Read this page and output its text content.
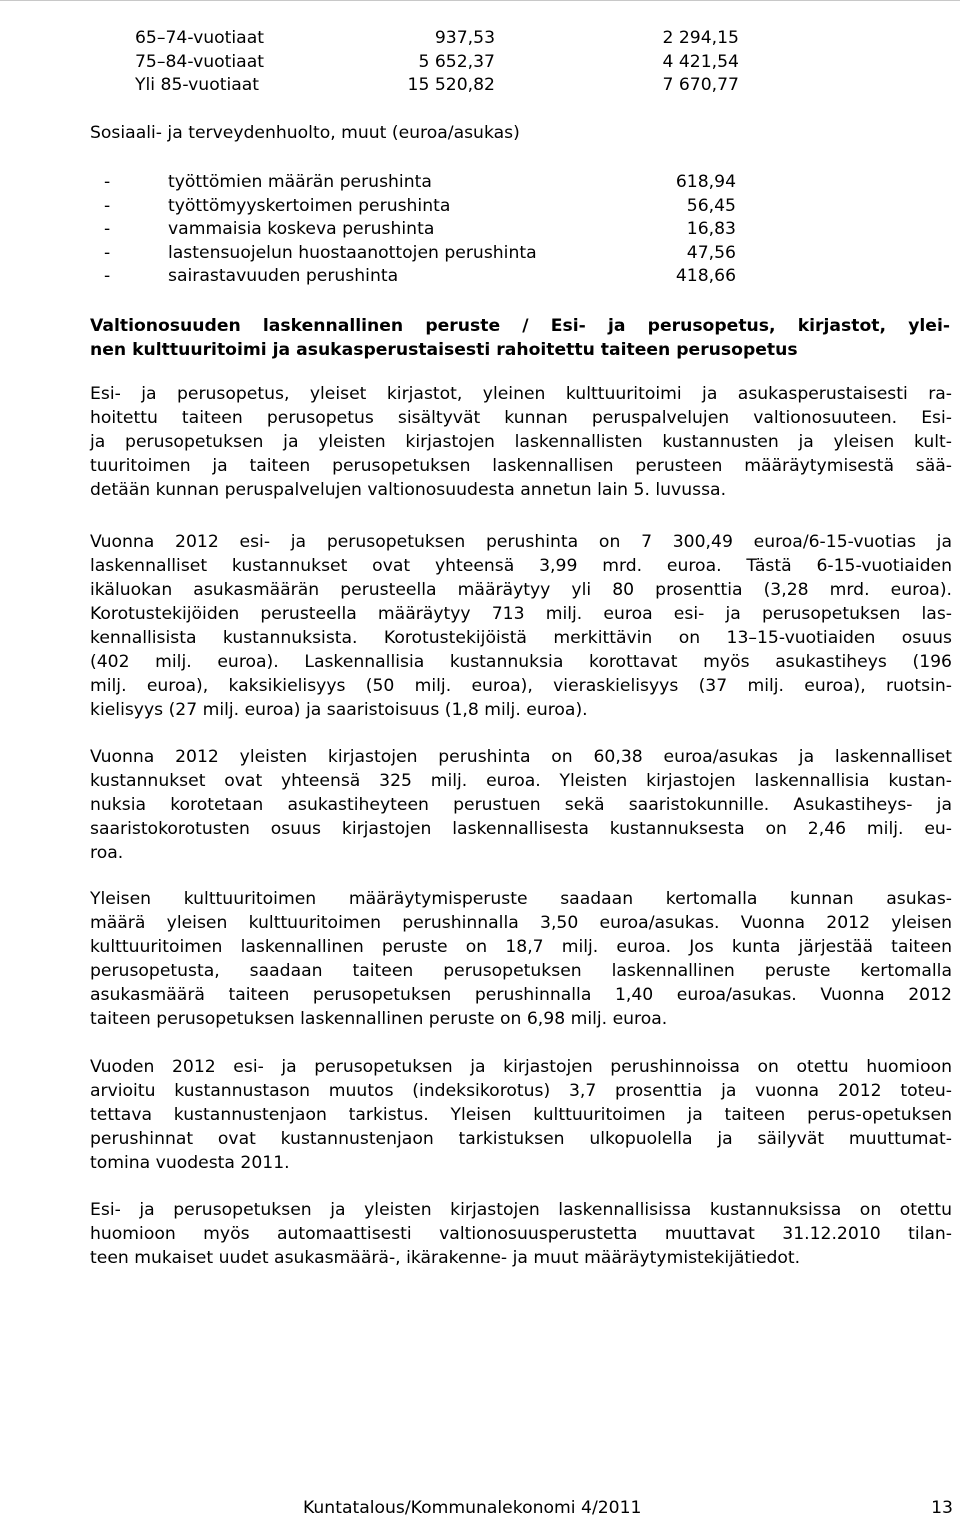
65–74-vuotiaat	937,53	2 294,15
75–84-vuotiaat	5 652,37	4 421,54
Yli 85-vuotiaat	15 520,82	7 670,77
Sosiaali- ja terveydenhuolto, muut (euroa/asukas)
-	työttömien määrän perushinta	618,94
-	työttömyyskertoimen perushinta	56,45
-	vammaisia koskeva perushinta	16,83
-	lastensuojelun huostaanottojen perushinta	47,56
-	sairastavuuden perushinta	418,66
Valtionosuuden laskennallinen peruste / Esi- ja perusopetus, kirjastot, ylei-
nen kulttuuritoimi ja asukasperustaisesti rahoitettu taiteen perusopetus
Esi- ja perusopetus, yleiset kirjastot, yleinen kulttuuritoimi ja asukasperustaisesti ra-
hoitettu taiteen perusopetus sisältyvät kunnan peruspalvelujen valtionosuuteen. Esi-
ja perusopetuksen ja yleisten kirjastojen laskennallisten kustannusten ja yleisen kult-
tuuritoimen ja taiteen perusopetuksen laskennallisen perusteen määräytymisestä sää-
detään kunnan peruspalvelujen valtionosuudesta annetun lain 5. luvussa.
Vuonna 2012 esi- ja perusopetuksen perushinta on 7 300,49 euroa/6-15-vuotias ja
laskennalliset kustannukset ovat yhteensä 3,99 mrd. euroa. Tästä 6-15-vuotiaiden
ikäluokan asukasmäärän perusteella määräytyy yli 80 prosenttia (3,28 mrd. euroa).
Korotustekijöiden perusteella määräytyy 713 milj. euroa esi- ja perusopetuksen las-
kennallisista kustannuksista. Korotustekijöistä merkittävin on 13–15-vuotiaiden osuus
(402 milj. euroa). Laskennallisia kustannuksia korottavat myös asukastiheys (196
milj. euroa), kaksikielisyys (50 milj. euroa), vieraskielisyys (37 milj. euroa), ruotsin-
kielisyys (27 milj. euroa) ja saaristoisuus (1,8 milj. euroa).
Vuonna 2012 yleisten kirjastojen perushinta on 60,38 euroa/asukas ja laskennalliset
kustannukset ovat yhteensä 325 milj. euroa. Yleisten kirjastojen laskennallisia kustan-
nuksia korotetaan asukastiheyteen perustuen sekä saaristokunnille. Asukastiheys- ja
saaristokorotusten osuus kirjastojen laskennallisesta kustannuksesta on 2,46 milj. eu-
roa.
Yleisen kulttuuritoimen määräytymisperuste saadaan kertomalla kunnan asukas-
määrä yleisen kulttuuritoimen perushinnalla 3,50 euroa/asukas. Vuonna 2012 yleisen
kulttuuritoimen laskennallinen peruste on 18,7 milj. euroa. Jos kunta järjestää taiteen
perusopetusta, saadaan taiteen perusopetuksen laskennallinen peruste kertomalla
asukasmäärä taiteen perusopetuksen perushinnalla 1,40 euroa/asukas. Vuonna 2012
taiteen perusopetuksen laskennallinen peruste on 6,98 milj. euroa.
Vuoden 2012 esi- ja perusopetuksen ja kirjastojen perushinnoissa on otettu huomioon
arvioitu kustannustason muutos (indeksikorotus) 3,7 prosenttia ja vuonna 2012 toteu-
tettava kustannustenjaon tarkistus. Yleisen kulttuuritoimen ja taiteen perus-opetuksen
perushinnat ovat kustannustenjaon tarkistuksen ulkopuolella ja säilyvät muuttumat-
tomina vuodesta 2011.
Esi- ja perusopetuksen ja yleisten kirjastojen laskennallisissa kustannuksissa on otettu
huomioon myös automaattisesti valtionosuusperustetta muuttavat 31.12.2010 tilan-
teen mukaiset uudet asukasmäärä-, ikärakenne- ja muut määräytymistekijätiedot.
Kuntatalous/Kommunalekonomi 4/2011	13
